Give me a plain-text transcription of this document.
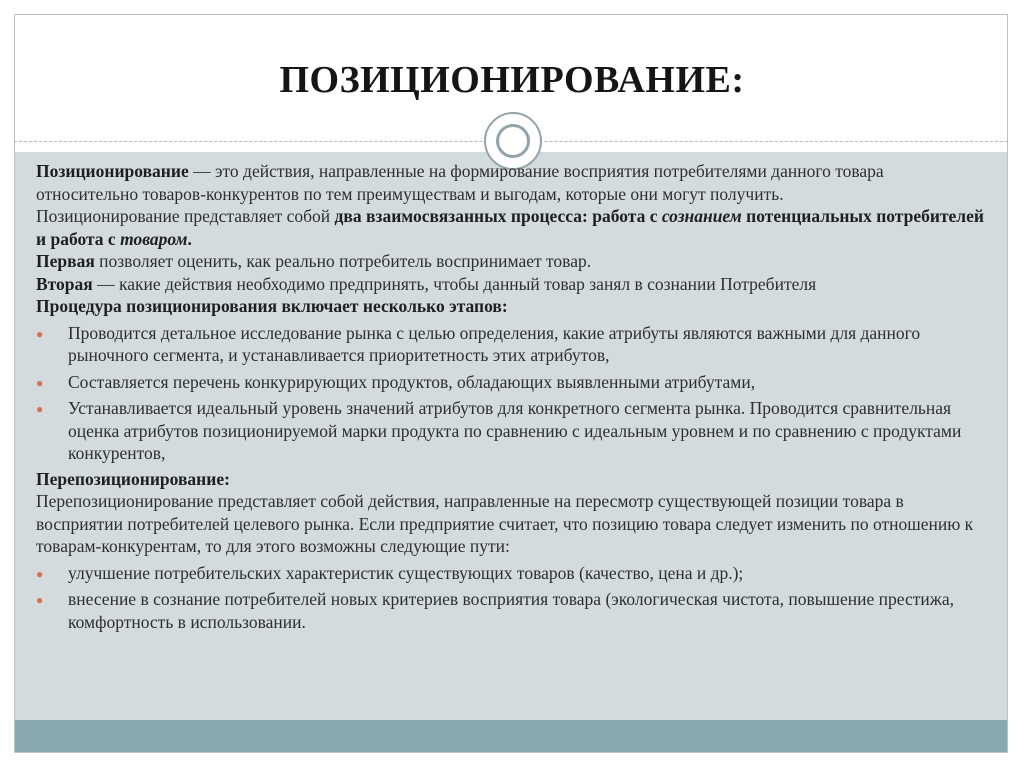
ПОЗИЦИОНИРОВАНИЕ:

Позиционирование — это действия, направленные на формирование восприятия потребителями данного товара относительно товаров-конкурентов по тем преимуществам и выгодам, которые они могут получить.

Позиционирование представляет собой два взаимосвязанных процесса: работа с сознанием потенциальных потребителей и работа с товаром.

Первая позволяет оценить, как реально потребитель воспринимает товар.

Вторая — какие действия необходимо предпринять, чтобы данный товар занял в сознании Потребителя

Процедура позиционирования включает несколько этапов:

● Проводится детальное исследование рынка с целью определения, какие атрибуты являются важными для данного рыночного сегмента, и устанавливается приоритетность этих атрибутов,
● Составляется перечень конкурирующих продуктов, обладающих выявленными атрибутами,
● Устанавливается идеальный уровень значений атрибутов для конкретного сегмента рынка. Проводится сравнительная оценка атрибутов позиционируемой марки продукта по сравнению с идеальным уровнем и по сравнению с продуктами конкурентов,

Перепозиционирование:

Перепозиционирование представляет собой действия, направленные на пересмотр существующей позиции товара в восприятии потребителей целевого рынка. Если предприятие считает, что позицию товара следует изменить по отношению к товарам-конкурентам, то для этого возможны следующие пути:

● улучшение потребительских характеристик существующих товаров (качество, цена и др.);
● внесение в сознание потребителей новых критериев восприятия товара (экологическая чистота, повышение престижа, комфортность в использовании.
